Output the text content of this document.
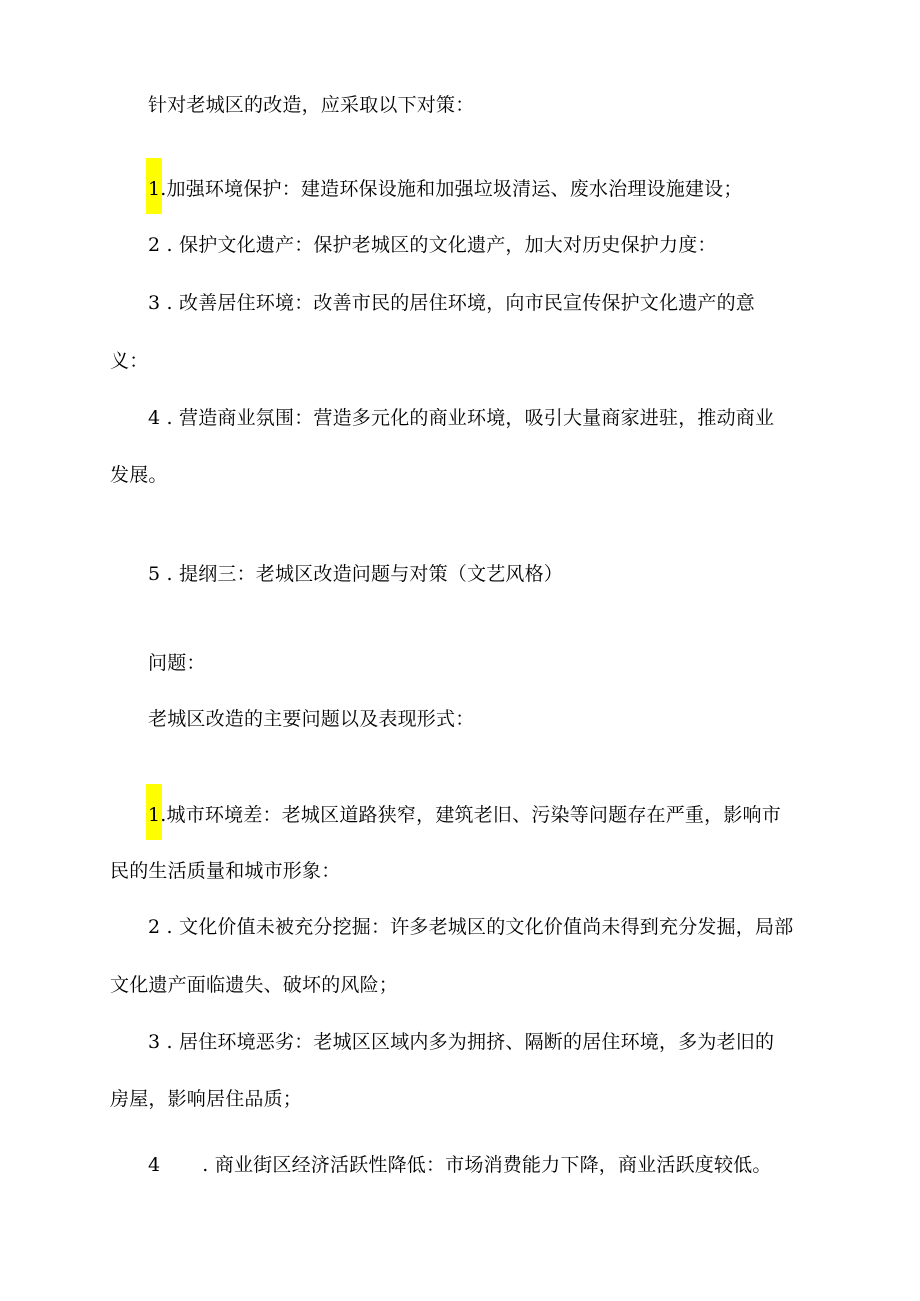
针对老城区的改造，应采取以下对策：
1.加强环境保护：建造环保设施和加强垃圾清运、废水治理设施建设；
2 . 保护文化遗产：保护老城区的文化遗产，加大对历史保护力度：
3 . 改善居住环境：改善市民的居住环境，向市民宣传保护文化遗产的意
义：
4 . 营造商业氛围：营造多元化的商业环境，吸引大量商家进驻，推动商业
发展。
5 . 提纲三：老城区改造问题与对策（文艺风格）
问题：
老城区改造的主要问题以及表现形式：
1.城市环境差：老城区道路狭窄，建筑老旧、污染等问题存在严重，影响市
民的生活质量和城市形象：
2 . 文化价值未被充分挖掘：许多老城区的文化价值尚未得到充分发掘，局部
文化遗产面临遗失、破坏的风险；
3 . 居住环境恶劣：老城区区域内多为拥挤、隔断的居住环境，多为老旧的
房屋，影响居住品质；
4 . 商业街区经济活跃性降低：市场消费能力下降，商业活跃度较低。
